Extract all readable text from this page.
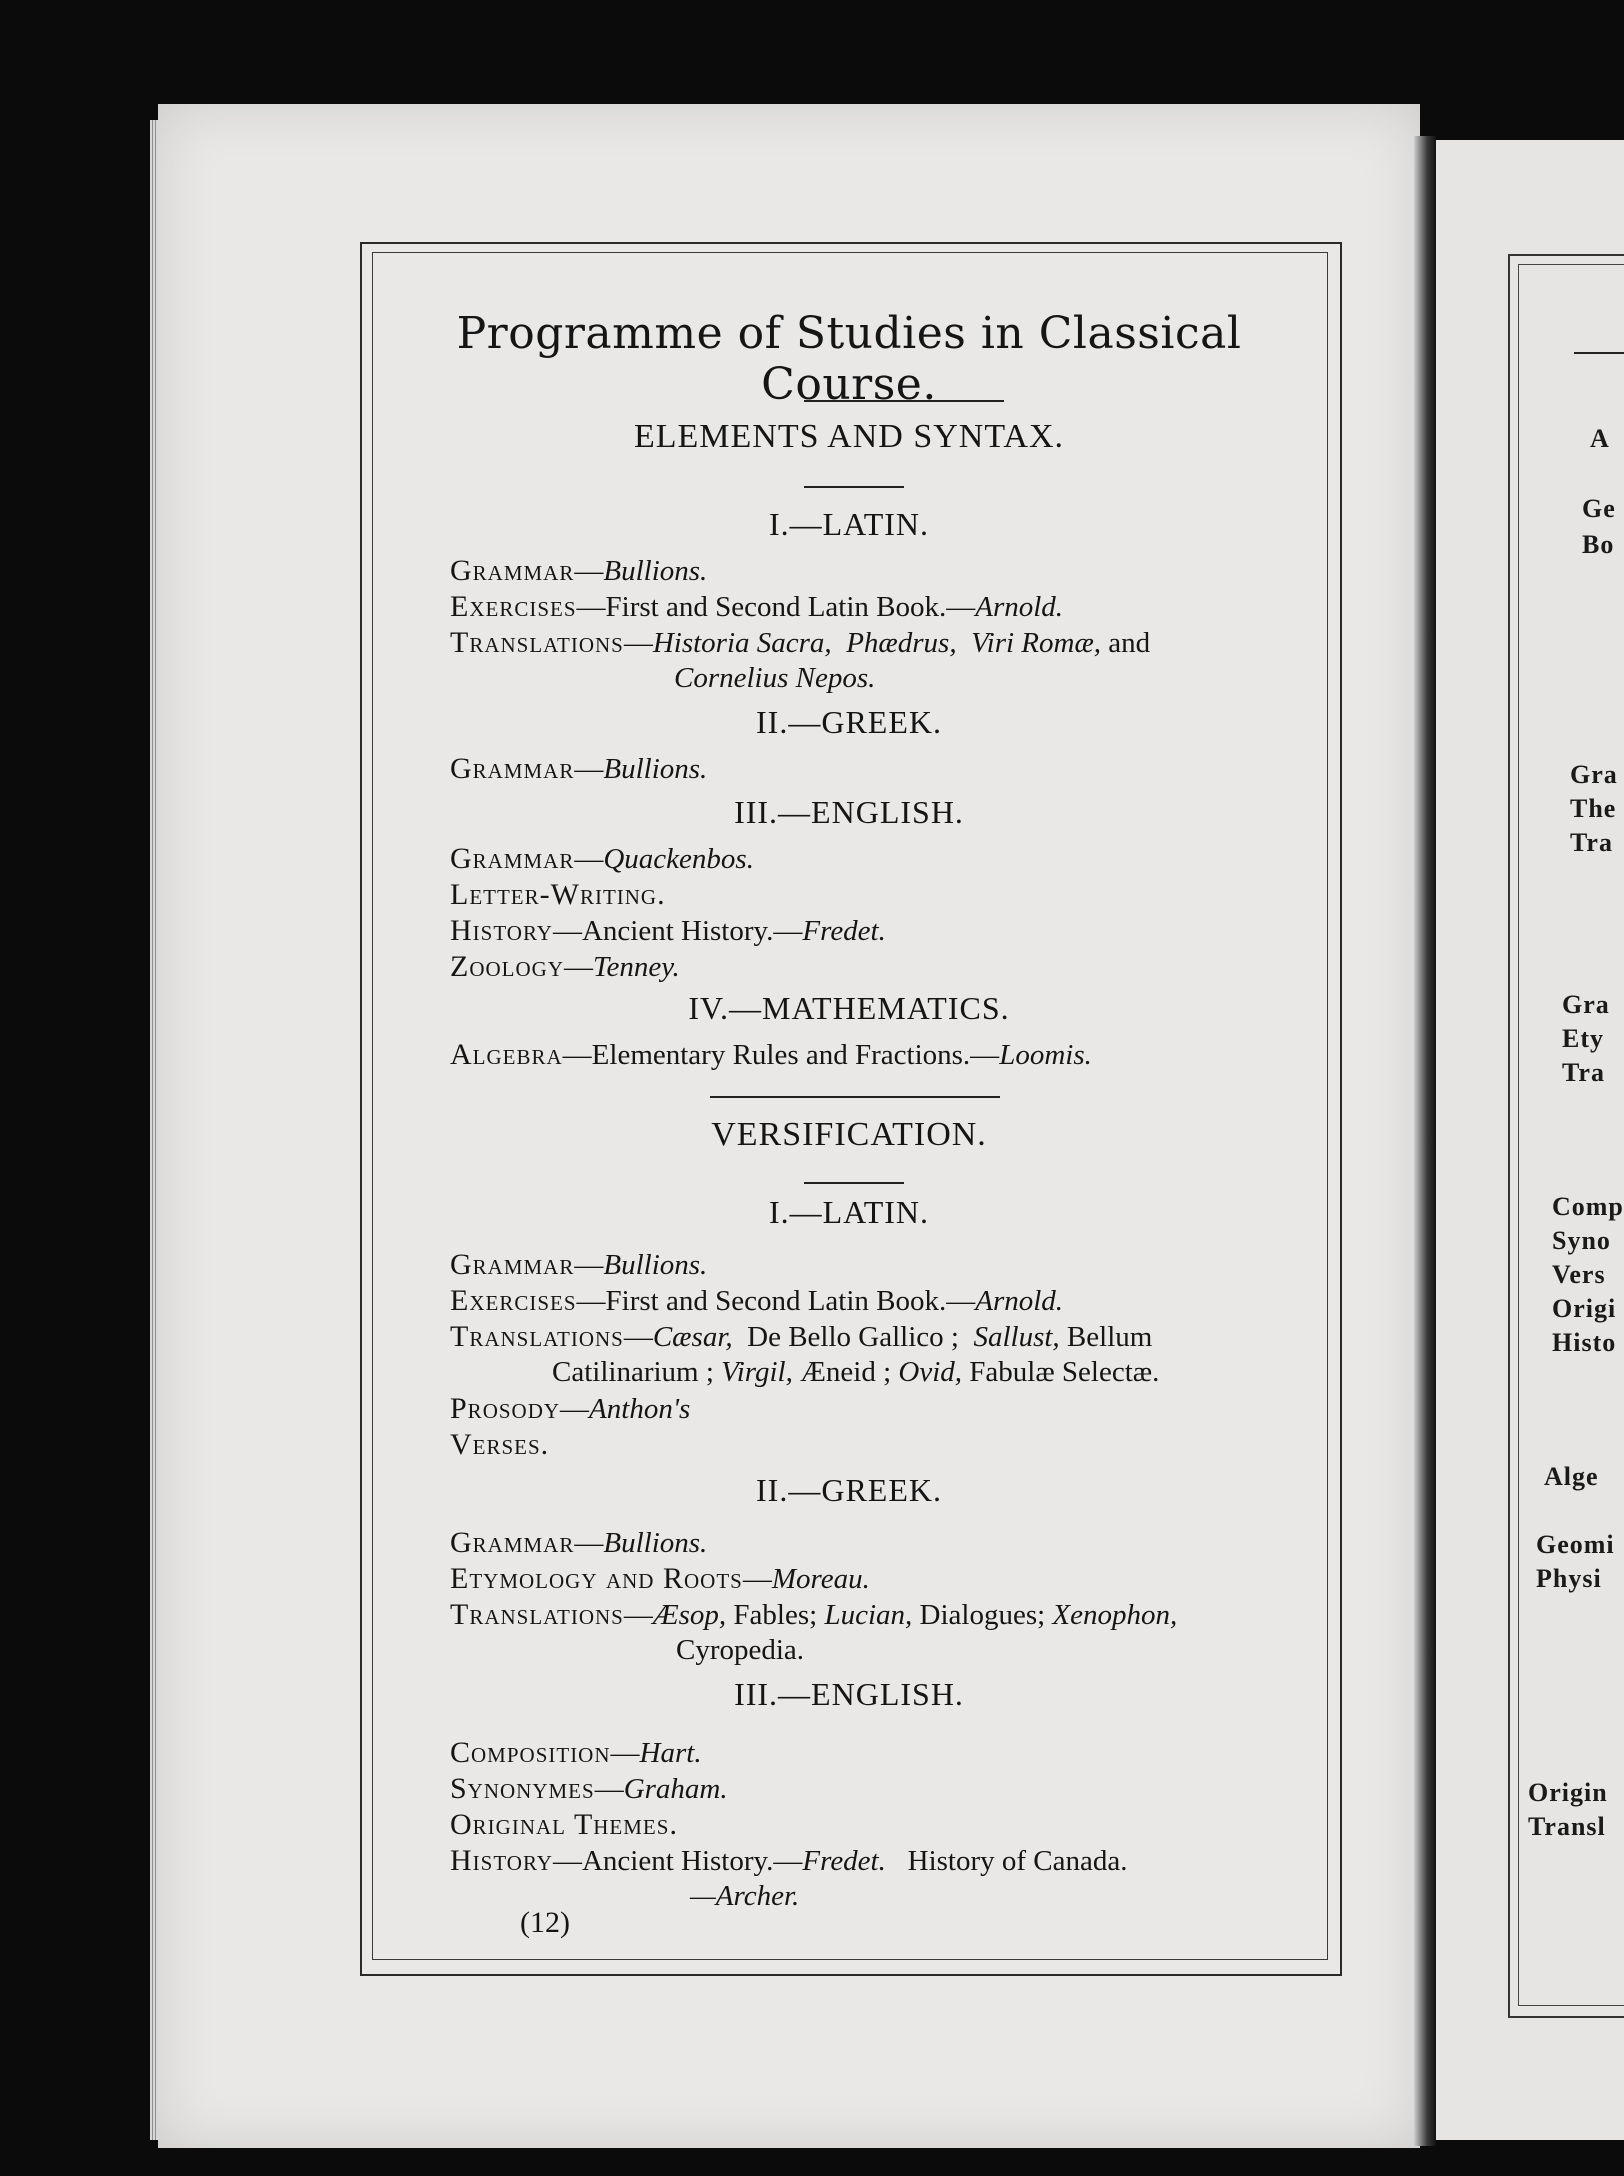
A
Ge
Bo
Gra
The
Tra
Gra
Ety
Tra
Comp
Syno
Vers
Origi
Histo
Alge
Geomi
Physi
Origin
Transl
Programme of Studies in Classical Course.
ELEMENTS AND SYNTAX.
I.—LATIN.
Grammar—Bullions.
Exercises—First and Second Latin Book.—Arnold.
Translations—Historia Sacra, Phædrus, Viri Romæ, and
Cornelius Nepos.
II.—GREEK.
Grammar—Bullions.
III.—ENGLISH.
Grammar—Quackenbos.
Letter-Writing.
History—Ancient History.—Fredet.
Zoology—Tenney.
IV.—MATHEMATICS.
Algebra—Elementary Rules and Fractions.—Loomis.
VERSIFICATION.
I.—LATIN.
Grammar—Bullions.
Exercises—First and Second Latin Book.—Arnold.
Translations—Cæsar, De Bello Gallico ; Sallust, Bellum
Catilinarium ; Virgil, Æneid ; Ovid, Fabulæ Selectæ.
Prosody—Anthon's
Verses.
II.—GREEK.
Grammar—Bullions.
Etymology and Roots—Moreau.
Translations—Æsop, Fables; Lucian, Dialogues; Xenophon,
Cyropedia.
III.—ENGLISH.
Composition—Hart.
Synonymes—Graham.
Original Themes.
History—Ancient History.—Fredet. History of Canada.
—Archer.
(12)
